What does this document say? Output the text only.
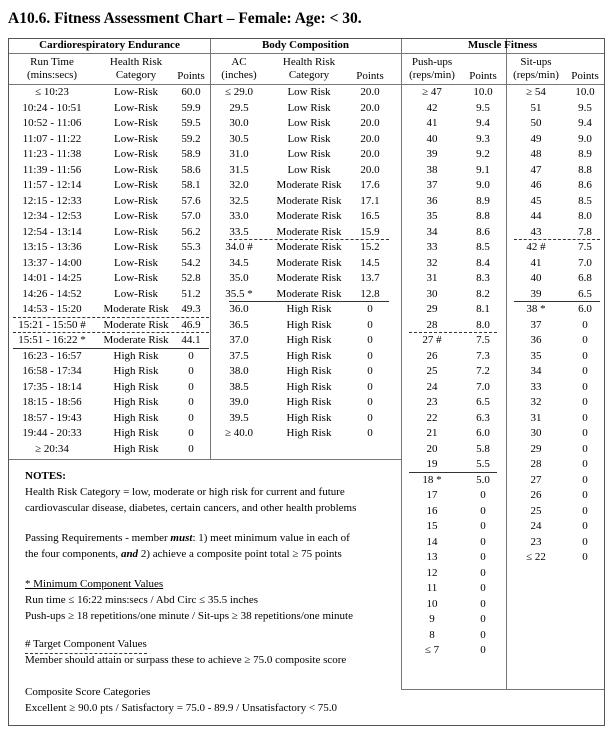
A10.6. Fitness Assessment Chart – Female: Age: < 30.
Cardiorespiratory Endurance	Body Composition	Muscle Fitness
Run Time
(mins:secs)
Health Risk
Category	Points
AC
(inches)
Health Risk
Category	Points
Push-ups
(reps/min)	Points
Sit-ups
(reps/min)	Points
≤ 10:23	Low-Risk	60.0
10:24 - 10:51	Low-Risk	59.9
10:52 - 11:06	Low-Risk	59.5
11:07 - 11:22	Low-Risk	59.2
11:23 - 11:38	Low-Risk	58.9
11:39 - 11:56	Low-Risk	58.6
11:57 - 12:14	Low-Risk	58.1
12:15 - 12:33	Low-Risk	57.6
12:34 - 12:53	Low-Risk	57.0
12:54 - 13:14	Low-Risk	56.2
13:15 - 13:36	Low-Risk	55.3
13:37 - 14:00	Low-Risk	54.2
14:01 - 14:25	Low-Risk	52.8
14:26 - 14:52	Low-Risk	51.2
14:53 - 15:20	Moderate Risk	49.3
15:21 - 15:50 #	Moderate Risk	46.9
15:51 - 16:22 *	Moderate Risk	44.1
16:23 - 16:57	High Risk	0
16:58 - 17:34	High Risk	0
17:35 - 18:14	High Risk	0
18:15 - 18:56	High Risk	0
18:57 - 19:43	High Risk	0
19:44 - 20:33	High Risk	0
≥ 20:34	High Risk	0
≤ 29.0	Low Risk	20.0
29.5	Low Risk	20.0
30.0	Low Risk	20.0
30.5	Low Risk	20.0
31.0	Low Risk	20.0
31.5	Low Risk	20.0
32.0	Moderate Risk	17.6
32.5	Moderate Risk	17.1
33.0	Moderate Risk	16.5
33.5	Moderate Risk	15.9
34.0 #	Moderate Risk	15.2
34.5	Moderate Risk	14.5
35.0	Moderate Risk	13.7
35.5 *	Moderate Risk	12.8
36.0	High Risk	0
36.5	High Risk	0
37.0	High Risk	0
37.5	High Risk	0
38.0	High Risk	0
38.5	High Risk	0
39.0	High Risk	0
39.5	High Risk	0
≥ 40.0	High Risk	0
≥ 47	10.0
42	9.5
41	9.4
40	9.3
39	9.2
38	9.1
37	9.0
36	8.9
35	8.8
34	8.6
33	8.5
32	8.4
31	8.3
30	8.2
29	8.1
28	8.0
27 #	7.5
26	7.3
25	7.2
24	7.0
23	6.5
22	6.3
21	6.0
20	5.8
19	5.5
18 *	5.0
17	0
16	0
15	0
14	0
13	0
12	0
11	0
10	0
9	0
8	0
≤ 7	0
≥ 54	10.0
51	9.5
50	9.4
49	9.0
48	8.9
47	8.8
46	8.6
45	8.5
44	8.0
43	7.8
42 #	7.5
41	7.0
40	6.8
39	6.5
38 *	6.0
37	0
36	0
35	0
34	0
33	0
32	0
31	0
30	0
29	0
28	0
27	0
26	0
25	0
24	0
23	0
≤ 22	0
NOTES:
Health Risk Category = low, moderate or high risk for current and future
cardiovascular disease, diabetes, certain cancers, and other health problems
Passing Requirements - member must: 1) meet minimum value in each of
the four components, and 2) achieve a composite point total ≥ 75 points
* Minimum Component Values
Run time ≤ 16:22 mins:secs / Abd Circ ≤ 35.5 inches
Push-ups ≥ 18 repetitions/one minute / Sit-ups ≥ 38 repetitions/one minute
# Target Component Values
Member should attain or surpass these to achieve ≥ 75.0 composite score
Composite Score Categories
Excellent ≥ 90.0 pts / Satisfactory = 75.0 - 89.9 / Unsatisfactory < 75.0
